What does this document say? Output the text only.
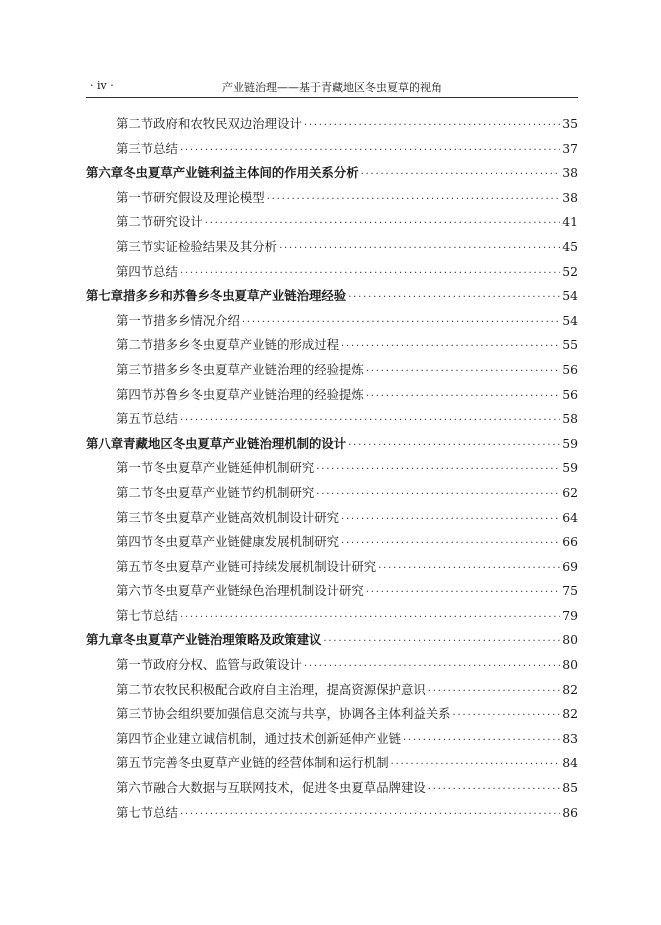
· iv ·	产业链治理——基于青藏地区冬虫夏草的视角
第二节 政府和农牧民双边治理设计 ·····	35
第三节 总结 ·····	37
第六章 冬虫夏草产业链利益主体间的作用关系分析 ·····	38
第一节 研究假设及理论模型 ·····	38
第二节 研究设计 ·····	41
第三节 实证检验结果及其分析 ·····	45
第四节 总结 ·····	52
第七章 措多乡和苏鲁乡冬虫夏草产业链治理经验 ·····	54
第一节 措多乡情况介绍 ·····	54
第二节 措多乡冬虫夏草产业链的形成过程 ·····	55
第三节 措多乡冬虫夏草产业链治理的经验提炼 ·····	56
第四节 苏鲁乡冬虫夏草产业链治理的经验提炼 ·····	56
第五节 总结 ·····	58
第八章 青藏地区冬虫夏草产业链治理机制的设计 ·····	59
第一节 冬虫夏草产业链延伸机制研究 ·····	59
第二节 冬虫夏草产业链节约机制研究 ·····	62
第三节 冬虫夏草产业链高效机制设计研究 ·····	64
第四节 冬虫夏草产业链健康发展机制研究 ·····	66
第五节 冬虫夏草产业链可持续发展机制设计研究 ·····	69
第六节 冬虫夏草产业链绿色治理机制设计研究 ·····	75
第七节 总结 ·····	79
第九章 冬虫夏草产业链治理策略及政策建议 ·····	80
第一节 政府分权、监管与政策设计 ·····	80
第二节 农牧民积极配合政府自主治理，提高资源保护意识 ·····	82
第三节 协会组织要加强信息交流与共享，协调各主体利益关系 ·····	82
第四节 企业建立诚信机制，通过技术创新延伸产业链 ·····	83
第五节 完善冬虫夏草产业链的经营体制和运行机制 ·····	84
第六节 融合大数据与互联网技术，促进冬虫夏草品牌建设 ·····	85
第七节 总结 ·····	86
